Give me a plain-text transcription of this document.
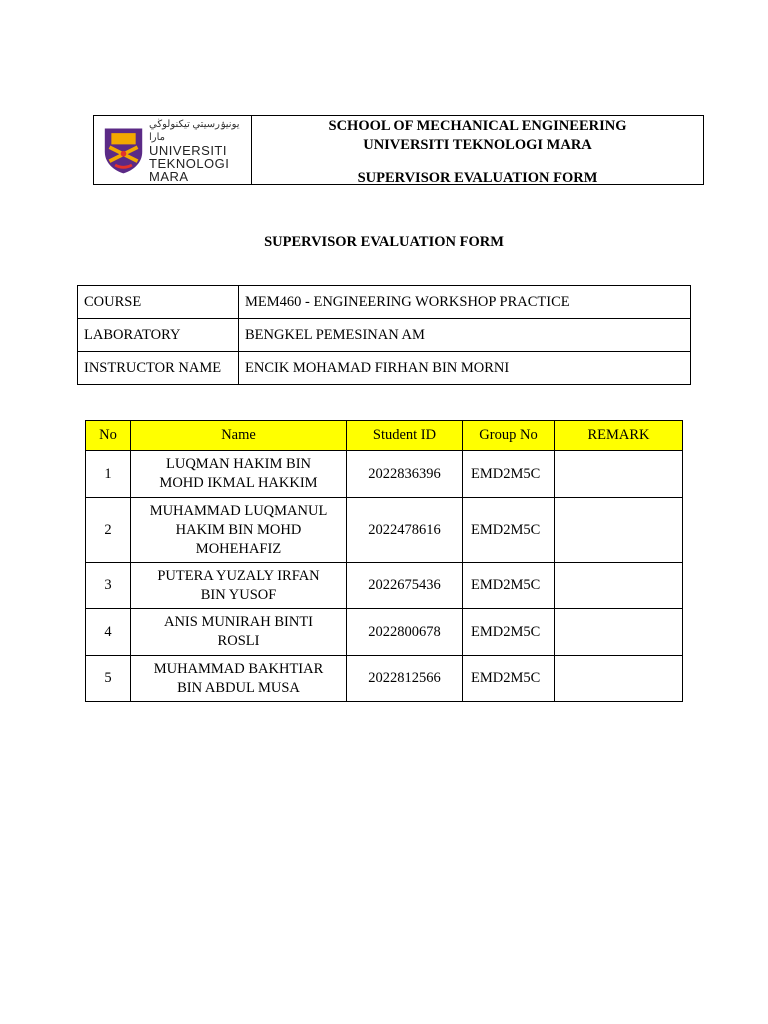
يونيۏرسيتي تيكنولوڬي مارا
UNIVERSITI
TEKNOLOGI
MARA
SCHOOL OF MECHANICAL ENGINEERING
UNIVERSITI TEKNOLOGI MARA
SUPERVISOR EVALUATION FORM
SUPERVISOR EVALUATION FORM
COURSE	MEM460 - ENGINEERING WORKSHOP PRACTICE
LABORATORY	BENGKEL PEMESINAN AM
INSTRUCTOR NAME	ENCIK MOHAMAD FIRHAN BIN MORNI
No	Name	Student ID	Group No	REMARK
1	LUQMAN HAKIM BIN
MOHD IKMAL HAKKIM	2022836396	EMD2M5C	
2	MUHAMMAD LUQMANUL
HAKIM BIN MOHD
MOHEHAFIZ	2022478616	EMD2M5C	
3	PUTERA YUZALY IRFAN
BIN YUSOF	2022675436	EMD2M5C	
4	ANIS MUNIRAH BINTI
ROSLI	2022800678	EMD2M5C	
5	MUHAMMAD BAKHTIAR
BIN ABDUL MUSA	2022812566	EMD2M5C	
